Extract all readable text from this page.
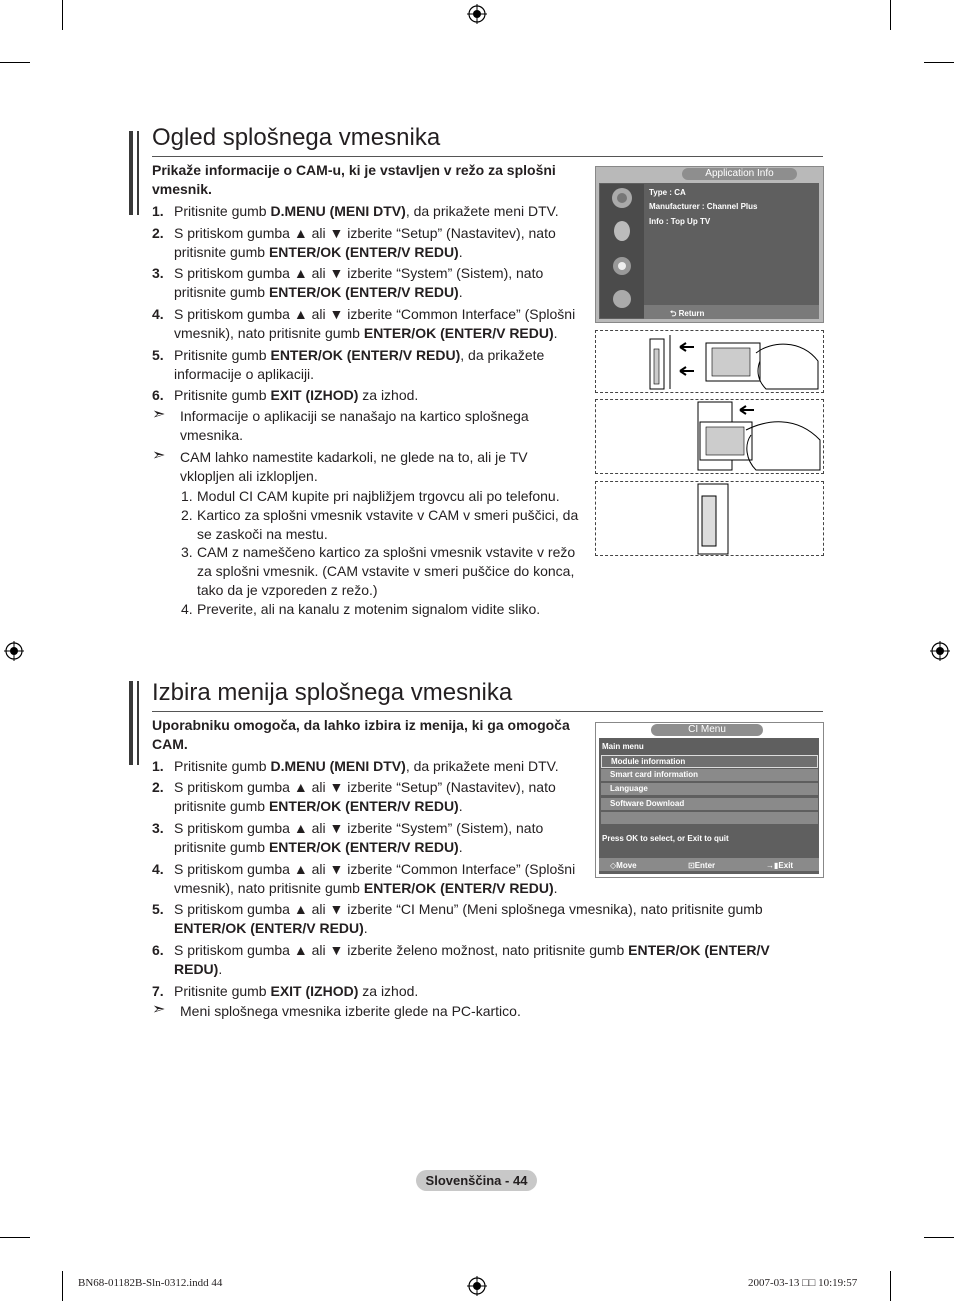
Ogled splošnega vmesnika
Prikaže informacije o CAM-u, ki je vstavljen v režo za splošni vmesnik.
1. Pritisnite gumb D.MENU (MENI DTV), da prikažete meni DTV.
2. S pritiskom gumba ▲ ali ▼ izberite “Setup” (Nastavitev), nato pritisnite gumb ENTER/OK (ENTER/V REDU).
3. S pritiskom gumba ▲ ali ▼ izberite “System” (Sistem), nato pritisnite gumb ENTER/OK (ENTER/V REDU).
4. S pritiskom gumba ▲ ali ▼ izberite “Common Interface” (Splošni vmesnik), nato pritisnite gumb ENTER/OK (ENTER/V REDU).
5. Pritisnite gumb ENTER/OK (ENTER/V REDU), da prikažete informacije o aplikaciji.
6. Pritisnite gumb EXIT (IZHOD) za izhod.
➣ Informacije o aplikaciji se nanašajo na kartico splošnega vmesnika.
➣ CAM lahko namestite kadarkoli, ne glede na to, ali je TV vklopljen ali izklopljen.
1. Modul CI CAM kupite pri najbližjem trgovcu ali po telefonu.
2. Kartico za splošni vmesnik vstavite v CAM v smeri puščici, da se zaskoči na mestu.
3. CAM z nameščeno kartico za splošni vmesnik vstavite v režo za splošni vmesnik. (CAM vstavite v smeri puščice do konca, tako da je vzporeden z režo.)
4. Preverite, ali na kanalu z motenim signalom vidite sliko.
Application Info
Type : CA
Manufacturer : Channel Plus
Info : Top Up TV
⮌ Return
Izbira menija splošnega vmesnika
Uporabniku omogoča, da lahko izbira iz menija, ki ga omogoča CAM.
1. Pritisnite gumb D.MENU (MENI DTV), da prikažete meni DTV.
2. S pritiskom gumba ▲ ali ▼ izberite “Setup” (Nastavitev), nato pritisnite gumb ENTER/OK (ENTER/V REDU).
3. S pritiskom gumba ▲ ali ▼ izberite “System” (Sistem), nato pritisnite gumb ENTER/OK (ENTER/V REDU).
4. S pritiskom gumba ▲ ali ▼ izberite “Common Interface” (Splošni vmesnik), nato pritisnite gumb ENTER/OK (ENTER/V REDU).
5. S pritiskom gumba ▲ ali ▼ izberite “CI Menu” (Meni splošnega vmesnika), nato pritisnite gumb ENTER/OK (ENTER/V REDU).
6. S pritiskom gumba ▲ ali ▼ izberite želeno možnost, nato pritisnite gumb ENTER/OK (ENTER/V REDU).
7. Pritisnite gumb EXIT (IZHOD) za izhod.
➣ Meni splošnega vmesnika izberite glede na PC-kartico.
CI Menu
Main menu
Module information
Smart card information
Language
Software Download
Press OK to select, or Exit to quit
◇Move	⊡Enter	→▮Exit
Slovenščina - 44
BN68-01182B-Sln-0312.indd 44	2007-03-13 □□ 10:19:57
